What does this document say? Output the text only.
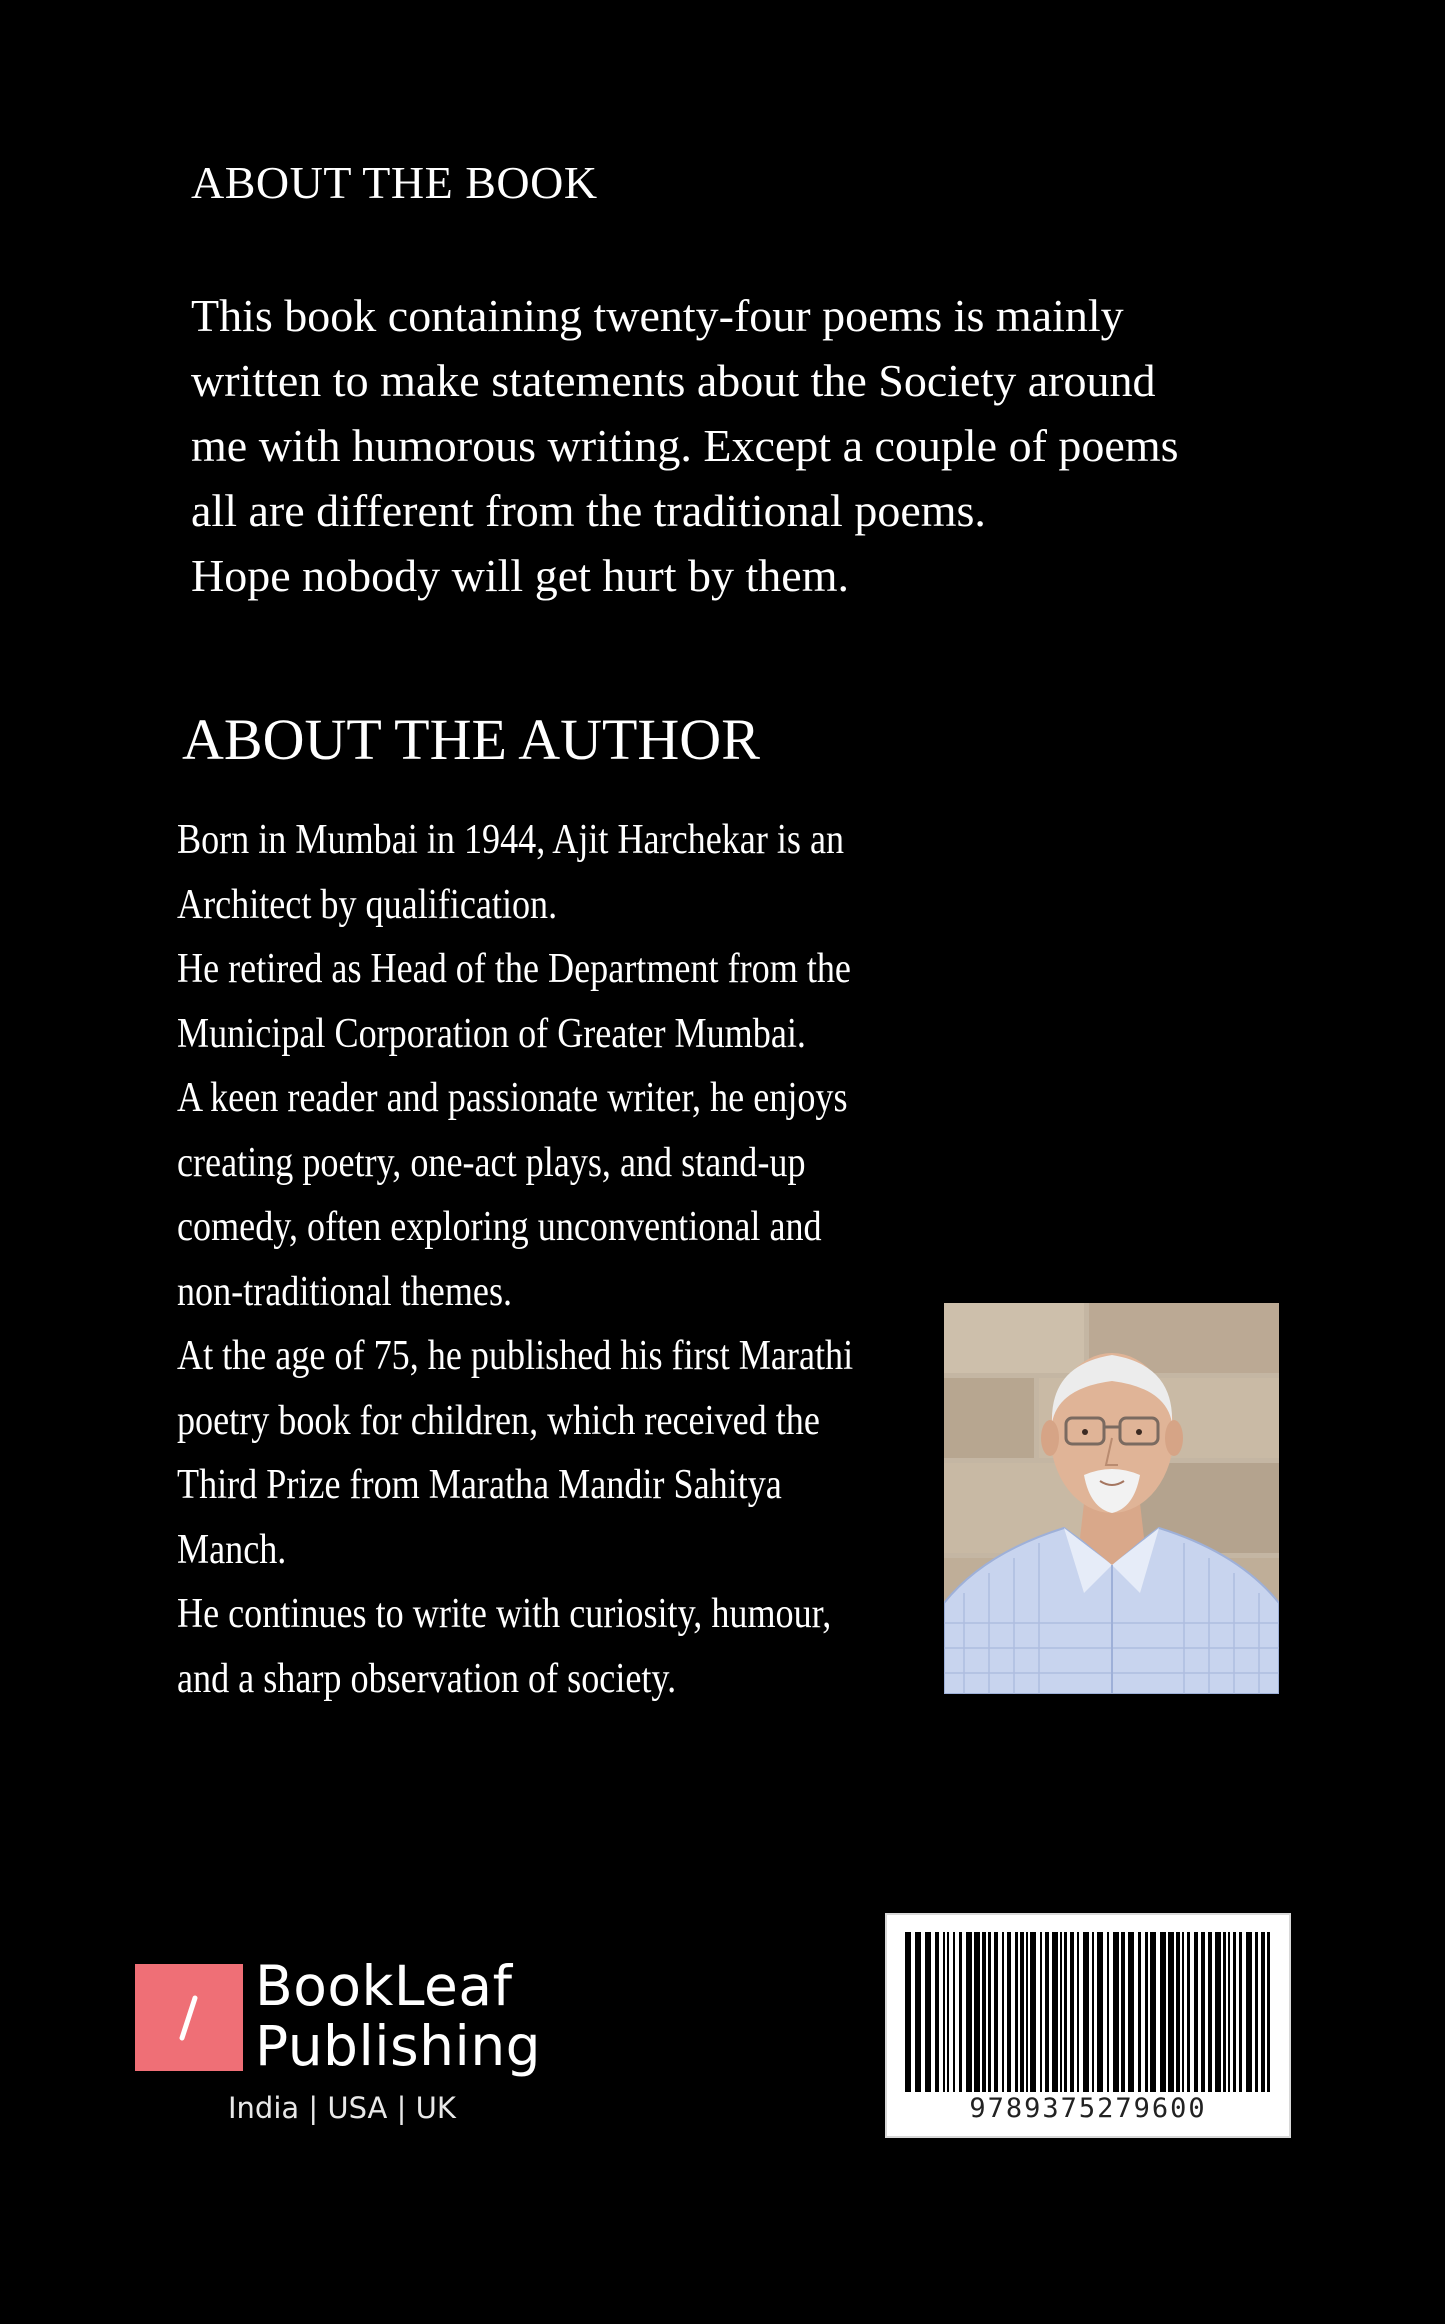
ABOUT THE BOOK
This book containing twenty-four poems is mainly
written to make statements about the Society around
me with humorous writing. Except a couple of poems
all are different from the traditional poems.
Hope nobody will get hurt by them.
ABOUT THE AUTHOR
Born in Mumbai in 1944, Ajit Harchekar is an
Architect by qualification.
He retired as Head of the Department from the
Municipal Corporation of Greater Mumbai.
A keen reader and passionate writer, he enjoys
creating poetry, one-act plays, and stand-up
comedy, often exploring unconventional and
non-traditional themes.
At the age of 75, he published his first Marathi
poetry book for children, which received the
Third Prize from Maratha Mandir Sahitya
Manch.
He continues to write with curiosity, humour,
and a sharp observation of society.
BookLeaf
Publishing
India | USA | UK	9789375279600
